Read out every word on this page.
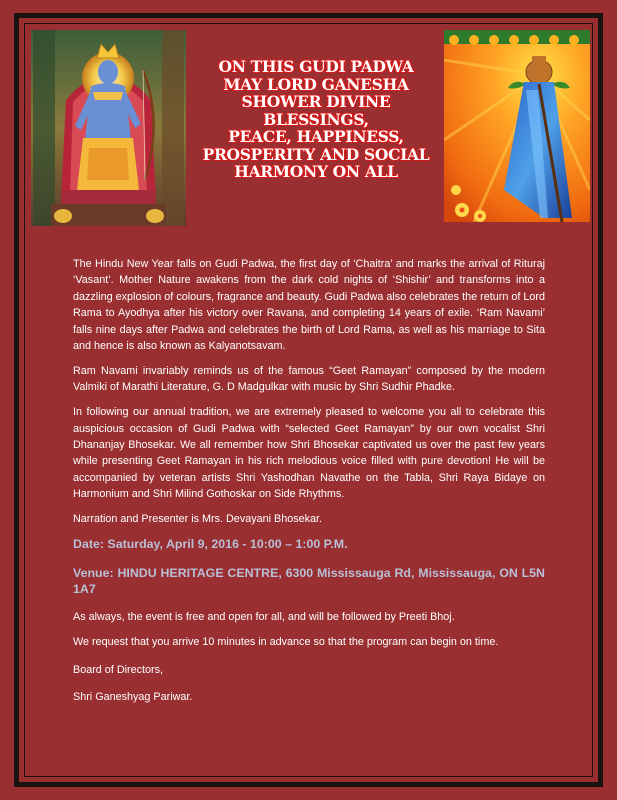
ON THIS GUDI PADWA
MAY LORD GANESHA
SHOWER DIVINE BLESSINGS,
PEACE, HAPPINESS,
PROSPERITY AND SOCIAL
HARMONY ON ALL

The Hindu New Year falls on Gudi Padwa, the first day of ‘Chaitra’ and marks the arrival of Rituraj ‘Vasant’. Mother Nature awakens from the dark cold nights of ‘Shishir’ and transforms into a dazzling explosion of colours, fragrance and beauty. Gudi Padwa also celebrates the return of Lord Rama to Ayodhya after his victory over Ravana, and completing 14 years of exile. ‘Ram Navami’ falls nine days after Padwa and celebrates the birth of Lord Rama, as well as his marriage to Sita and hence is also known as Kalyanotsavam.

Ram Navami invariably reminds us of the famous “Geet Ramayan” composed by the modern Valmiki of Marathi Literature, G. D Madgulkar with music by Shri Sudhir Phadke.

In following our annual tradition, we are extremely pleased to welcome you all to celebrate this auspicious occasion of Gudi Padwa with “selected Geet Ramayan” by our own vocalist Shri Dhananjay Bhosekar. We all remember how Shri Bhosekar captivated us over the past few years while presenting Geet Ramayan in his rich melodious voice filled with pure devotion! He will be accompanied by veteran artists Shri Yashodhan Navathe on the Tabla, Shri Raya Bidaye on Harmonium and Shri Milind Gothoskar on Side Rhythms.

Narration and Presenter is Mrs. Devayani Bhosekar.

Date: Saturday, April 9, 2016 - 10:00 – 1:00 P.M.

Venue: HINDU HERITAGE CENTRE, 6300 Mississauga Rd, Mississauga, ON L5N 1A7

As always, the event is free and open for all, and will be followed by Preeti Bhoj.

We request that you arrive 10 minutes in advance so that the program can begin on time.

Board of Directors,

Shri Ganeshyag Pariwar.
